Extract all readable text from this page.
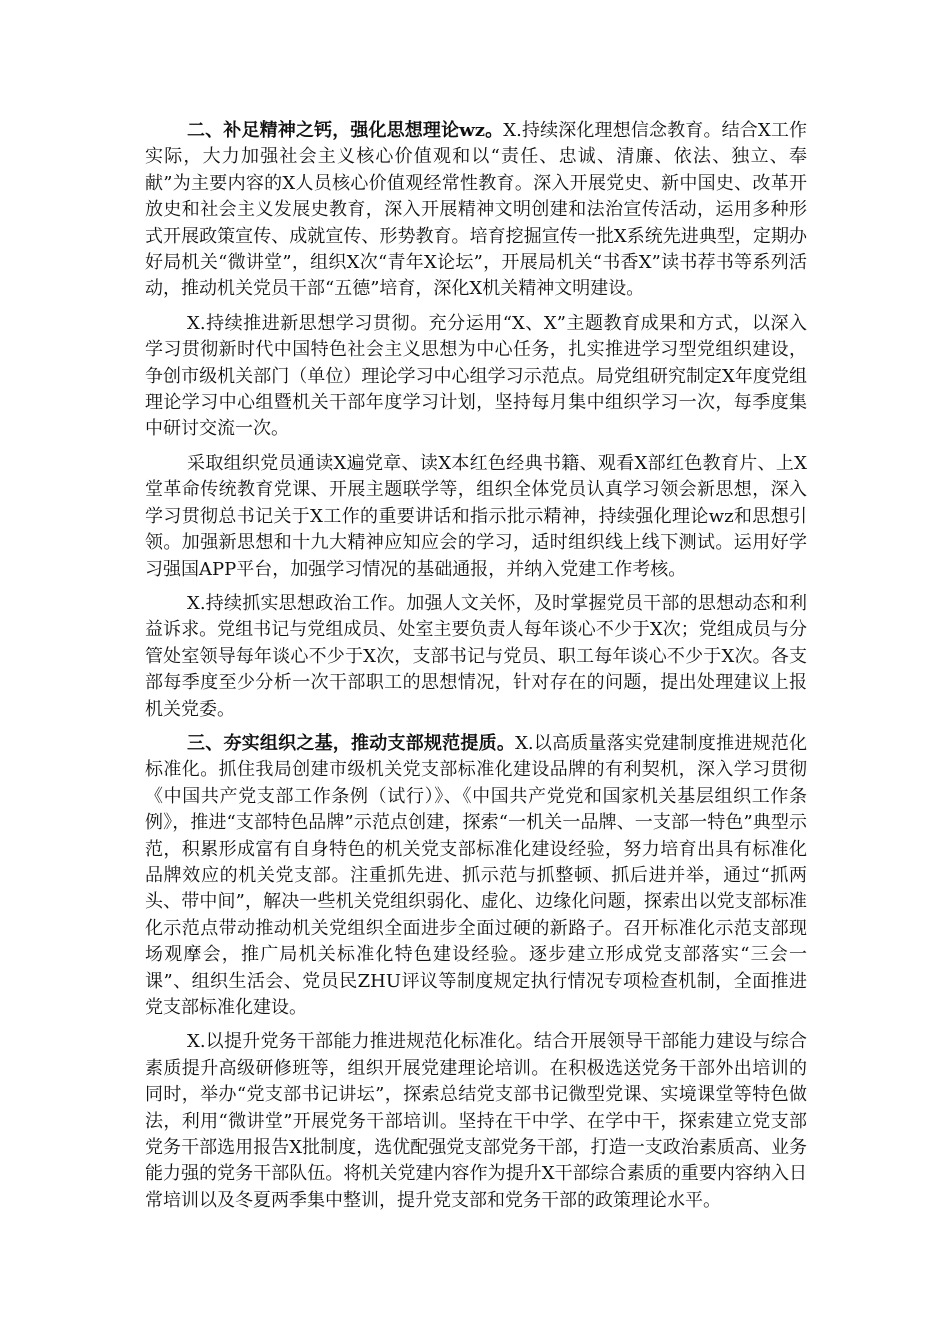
二、补足精神之钙，强化思想理论wz。X.持续深化理想信念教育。结合X工作实际，大力加强社会主义核心价值观和以“责任、忠诚、清廉、依法、独立、奉献”为主要内容的X人员核心价值观经常性教育。深入开展党史、新中国史、改革开放史和社会主义发展史教育，深入开展精神文明创建和法治宣传活动，运用多种形式开展政策宣传、成就宣传、形势教育。培育挖掘宣传一批X系统先进典型，定期办好局机关“微讲堂”，组织X次“青年X论坛”，开展局机关“书香X”读书荐书等系列活动，推动机关党员干部“五德”培育，深化X机关精神文明建设。

X.持续推进新思想学习贯彻。充分运用“X、X”主题教育成果和方式，以深入学习贯彻新时代中国特色社会主义思想为中心任务，扎实推进学习型党组织建设，争创市级机关部门（单位）理论学习中心组学习示范点。局党组研究制定X年度党组理论学习中心组暨机关干部年度学习计划，坚持每月集中组织学习一次，每季度集中研讨交流一次。

采取组织党员通读X遍党章、读X本红色经典书籍、观看X部红色教育片、上X堂革命传统教育党课、开展主题联学等，组织全体党员认真学习领会新思想，深入学习贯彻总书记关于X工作的重要讲话和指示批示精神，持续强化理论wz和思想引领。加强新思想和十九大精神应知应会的学习，适时组织线上线下测试。运用好学习强国APP平台，加强学习情况的基础通报，并纳入党建工作考核。

X.持续抓实思想政治工作。加强人文关怀，及时掌握党员干部的思想动态和利益诉求。党组书记与党组成员、处室主要负责人每年谈心不少于X次；党组成员与分管处室领导每年谈心不少于X次，支部书记与党员、职工每年谈心不少于X次。各支部每季度至少分析一次干部职工的思想情况，针对存在的问题，提出处理建议上报机关党委。

三、夯实组织之基，推动支部规范提质。X.以高质量落实党建制度推进规范化标准化。抓住我局创建市级机关党支部标准化建设品牌的有利契机，深入学习贯彻《中国共产党支部工作条例（试行）》、《中国共产党党和国家机关基层组织工作条例》，推进“支部特色品牌”示范点创建，探索“一机关一品牌、一支部一特色”典型示范，积累形成富有自身特色的机关党支部标准化建设经验，努力培育出具有标准化品牌效应的机关党支部。注重抓先进、抓示范与抓整顿、抓后进并举，通过“抓两头、带中间”，解决一些机关党组织弱化、虚化、边缘化问题，探索出以党支部标准化示范点带动推动机关党组织全面进步全面过硬的新路子。召开标准化示范支部现场观摩会，推广局机关标准化特色建设经验。逐步建立形成党支部落实“三会一课”、组织生活会、党员民ZHU评议等制度规定执行情况专项检查机制，全面推进党支部标准化建设。

X.以提升党务干部能力推进规范化标准化。结合开展领导干部能力建设与综合素质提升高级研修班等，组织开展党建理论培训。在积极选送党务干部外出培训的同时，举办“党支部书记讲坛”，探索总结党支部书记微型党课、实境课堂等特色做法，利用“微讲堂”开展党务干部培训。坚持在干中学、在学中干，探索建立党支部党务干部选用报告X批制度，选优配强党支部党务干部，打造一支政治素质高、业务能力强的党务干部队伍。将机关党建内容作为提升X干部综合素质的重要内容纳入日常培训以及冬夏两季集中整训，提升党支部和党务干部的政策理论水平。
